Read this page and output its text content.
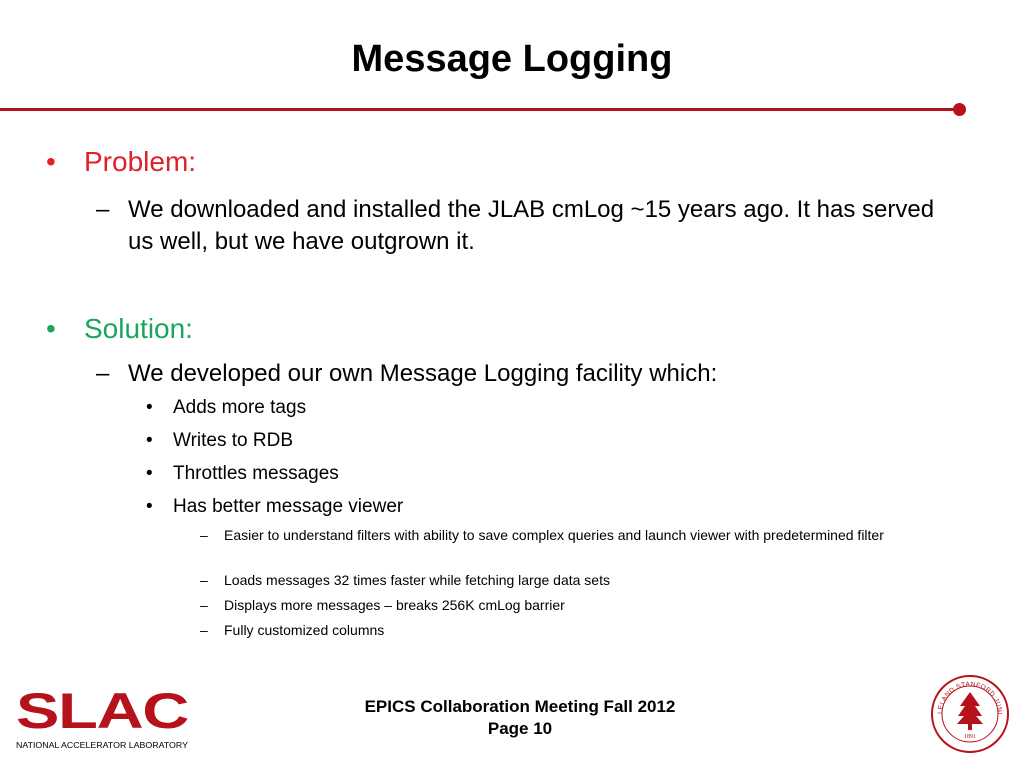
Message Logging
• Problem:
– We downloaded and installed the JLAB cmLog ~15 years ago. It has served us well, but we have outgrown it.
• Solution:
– We developed our own Message Logging facility which:
• Adds more tags
• Writes to RDB
• Throttles messages
• Has better message viewer
– Easier to understand filters with ability to save complex queries and launch viewer with predetermined filter
– Loads messages 32 times faster while fetching large data sets
– Displays more messages – breaks 256K cmLog barrier
– Fully customized columns
EPICS Collaboration Meeting Fall 2012
Page 10
SLAC
NATIONAL ACCELERATOR LABORATORY
LELAND STANFORD JUNI
1891
